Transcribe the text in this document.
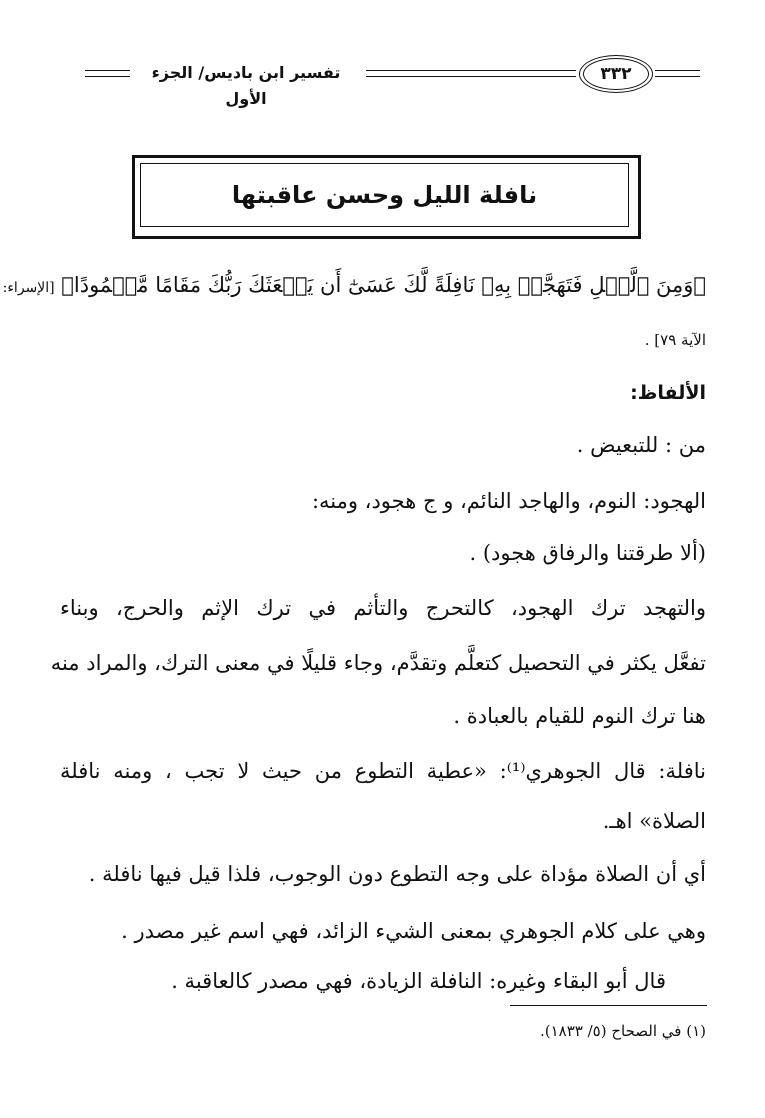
٣٣٢
تفسير ابن باديس/ الجزء الأول
نافلة الليل وحسن عاقبتها
﴿وَمِنَ ٱلَّيۡلِ فَتَهَجَّدۡ بِهِۦ نَافِلَةً لَّكَ عَسَىٰٓ أَن يَبۡعَثَكَ رَبُّكَ مَقَامًا مَّحۡمُودًا﴾ [الإسراء:
الآية ٧٩] .
الألفاظ:
من : للتبعيض .
الهجود: النوم، والهاجد النائم، و ج هجود، ومنه:
(ألا طرقتنا والرفاق هجود) .
والتهجد ترك الهجود، كالتحرج والتأثم في ترك الإثم والحرج، وبناء
تفعَّل يكثر في التحصيل كتعلَّم وتقدَّم، وجاء قليلًا في معنى الترك، والمراد منه
هنا ترك النوم للقيام بالعبادة .
نافلة: قال الجوهري⁽¹⁾: «عطية التطوع من حيث لا تجب ، ومنه نافلة
الصلاة» اهـ.
أي أن الصلاة مؤداة على وجه التطوع دون الوجوب، فلذا قيل فيها نافلة .
وهي على كلام الجوهري بمعنى الشيء الزائد، فهي اسم غير مصدر .
قال أبو البقاء وغيره: النافلة الزيادة، فهي مصدر كالعاقبة .
(١) في الصحاح (٥/ ١٨٣٣).
